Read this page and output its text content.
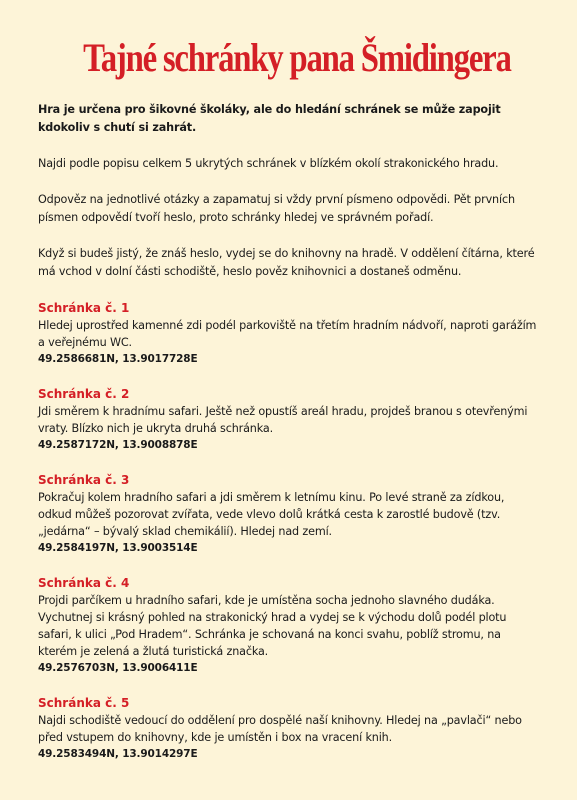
Tajné schránky pana Šmidingera

Hra je určena pro šikovné školáky, ale do hledání schránek se může zapojit kdokoliv s chutí si zahrát.

Najdi podle popisu celkem 5 ukrytých schránek v blízkém okolí strakonického hradu.

Odpověz na jednotlivé otázky a zapamatuj si vždy první písmeno odpovědi. Pět prvních písmen odpovědí tvoří heslo, proto schránky hledej ve správném pořadí.

Když si budeš jistý, že znáš heslo, vydej se do knihovny na hradě. V oddělení čítárna, které má vchod v dolní části schodiště, heslo pověz knihovnici a dostaneš odměnu.

Schránka č. 1

Hledej uprostřed kamenné zdi podél parkoviště na třetím hradním nádvoří, naproti garážím a veřejnému WC.

49.2586681N, 13.9017728E

Schránka č. 2

Jdi směrem k hradnímu safari. Ještě než opustíš areál hradu, projdeš branou s otevřenými vraty. Blízko nich je ukryta druhá schránka.

49.2587172N, 13.9008878E

Schránka č. 3

Pokračuj kolem hradního safari a jdi směrem k letnímu kinu. Po levé straně za zídkou, odkud můžeš pozorovat zvířata, vede vlevo dolů krátká cesta k zarostlé budově (tzv. „jedárna“ – bývalý sklad chemikálií). Hledej nad zemí.

49.2584197N, 13.9003514E

Schránka č. 4

Projdi parčíkem u hradního safari, kde je umístěna socha jednoho slavného dudáka. Vychutnej si krásný pohled na strakonický hrad a vydej se k východu dolů podél plotu safari, k ulici „Pod Hradem“. Schránka je schovaná na konci svahu, poblíž stromu, na kterém je zelená a žlutá turistická značka.

49.2576703N, 13.9006411E

Schránka č. 5

Najdi schodiště vedoucí do oddělení pro dospělé naší knihovny. Hledej na „pavlači“ nebo před vstupem do knihovny, kde je umístěn i box na vracení knih.

49.2583494N, 13.9014297E
